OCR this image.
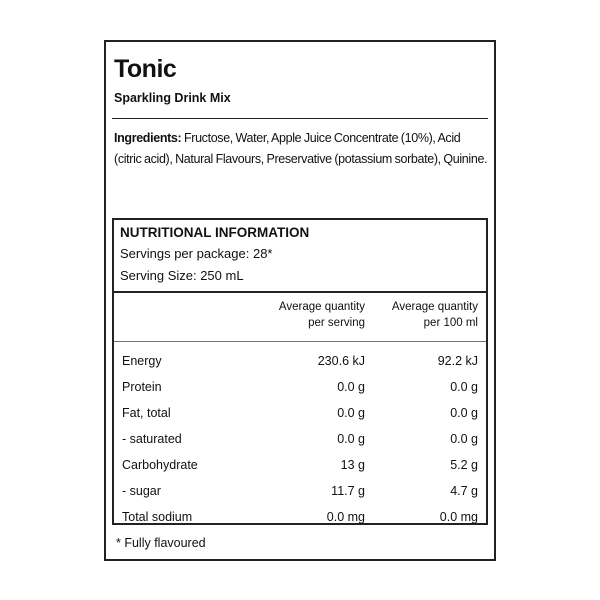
Tonic
Sparkling Drink Mix
Ingredients: Fructose, Water, Apple Juice Concentrate (10%), Acid (citric acid), Natural Flavours, Preservative (potassium sorbate), Quinine.
NUTRITIONAL INFORMATION
Servings per package: 28*
Serving Size: 250 mL
Average quantity
per serving
Average quantity
per 100 ml
Energy	230.6 kJ	92.2 kJ
Protein	0.0 g	0.0 g
Fat, total	0.0 g	0.0 g
- saturated	0.0 g	0.0 g
Carbohydrate	13 g	5.2 g
- sugar	11.7 g	4.7 g
Total sodium	0.0 mg	0.0 mg
* Fully flavoured
